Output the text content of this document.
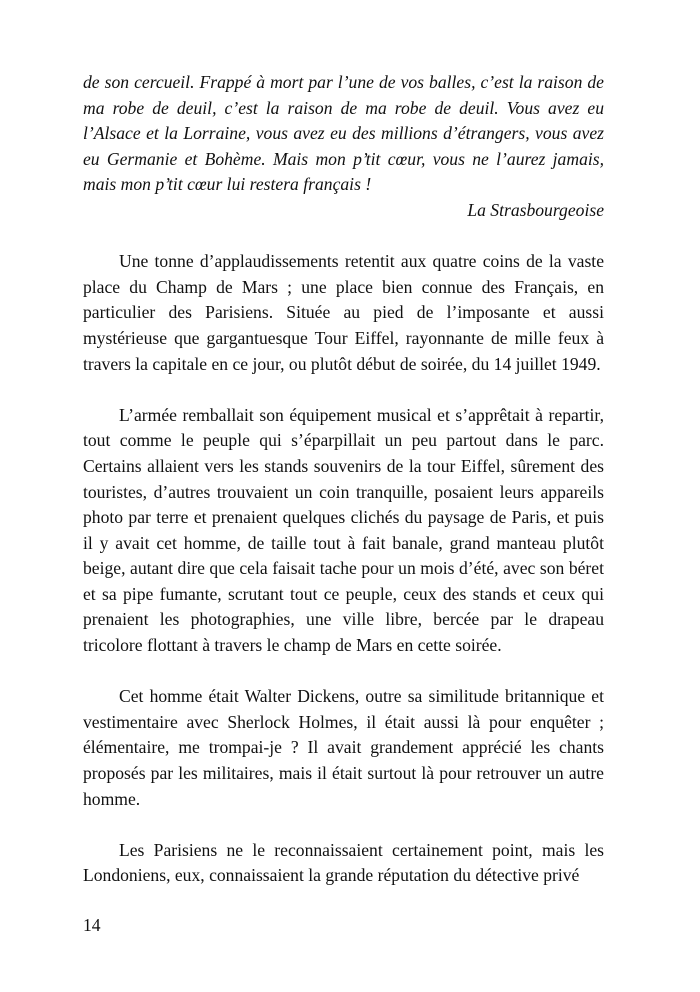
de son cercueil. Frappé à mort par l’une de vos balles, c’est la raison de ma robe de deuil, c’est la raison de ma robe de deuil. Vous avez eu l’Alsace et la Lorraine, vous avez eu des millions d’étrangers, vous avez eu Germanie et Bohème. Mais mon p’tit cœur, vous ne l’aurez jamais, mais mon p’tit cœur lui restera français !

La Strasbourgeoise

Une tonne d’applaudissements retentit aux quatre coins de la vaste place du Champ de Mars ; une place bien connue des Français, en particulier des Parisiens. Située au pied de l’imposante et aussi mystérieuse que gargantuesque Tour Eiffel, rayonnante de mille feux à travers la capitale en ce jour, ou plutôt début de soirée, du 14 juillet 1949.

L’armée remballait son équipement musical et s’apprêtait à repartir, tout comme le peuple qui s’éparpillait un peu partout dans le parc. Certains allaient vers les stands souvenirs de la tour Eiffel, sûrement des touristes, d’autres trouvaient un coin tranquille, posaient leurs appareils photo par terre et prenaient quelques clichés du paysage de Paris, et puis il y avait cet homme, de taille tout à fait banale, grand manteau plutôt beige, autant dire que cela faisait tache pour un mois d’été, avec son béret et sa pipe fumante, scrutant tout ce peuple, ceux des stands et ceux qui prenaient les photographies, une ville libre, bercée par le drapeau tricolore flottant à travers le champ de Mars en cette soirée.

Cet homme était Walter Dickens, outre sa similitude britannique et vestimentaire avec Sherlock Holmes, il était aussi là pour enquêter ; élémentaire, me trompai-je ? Il avait grandement apprécié les chants proposés par les militaires, mais il était surtout là pour retrouver un autre homme.

Les Parisiens ne le reconnaissaient certainement point, mais les Londoniens, eux, connaissaient la grande réputation du détective privé

14
